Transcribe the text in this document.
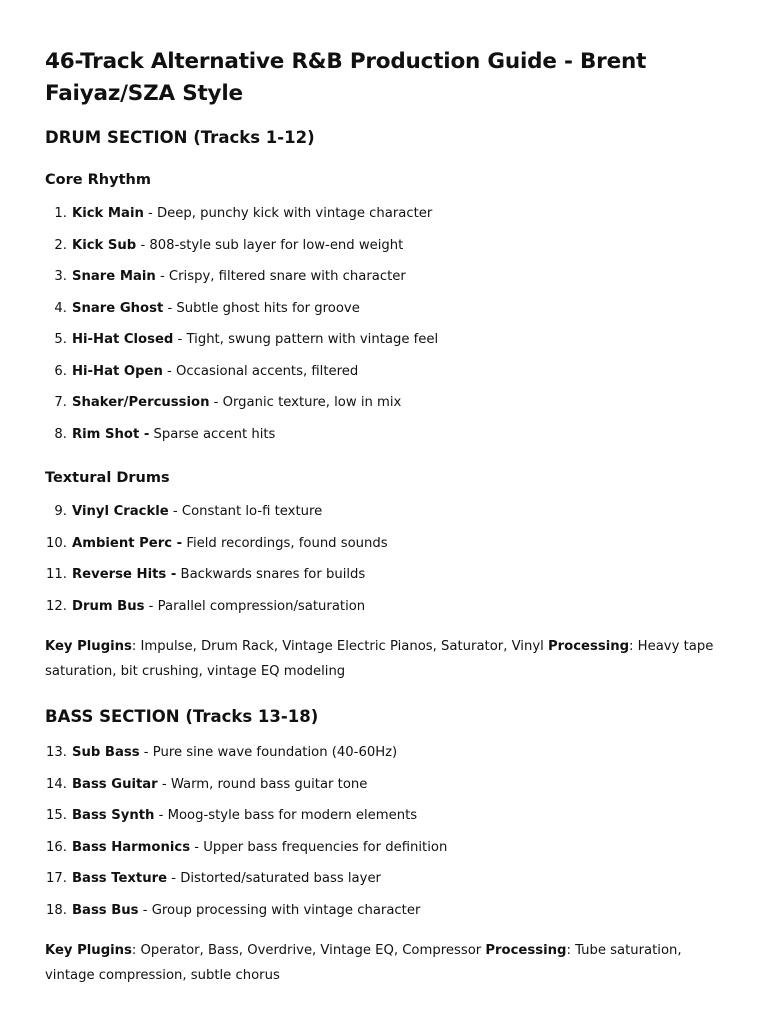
46-Track Alternative R&B Production Guide - Brent Faiyaz/SZA Style
DRUM SECTION (Tracks 1-12)
Core Rhythm
1. Kick Main - Deep, punchy kick with vintage character
2. Kick Sub - 808-style sub layer for low-end weight
3. Snare Main - Crispy, filtered snare with character
4. Snare Ghost - Subtle ghost hits for groove
5. Hi-Hat Closed - Tight, swung pattern with vintage feel
6. Hi-Hat Open - Occasional accents, filtered
7. Shaker/Percussion - Organic texture, low in mix
8. Rim Shot - Sparse accent hits
Textural Drums
9. Vinyl Crackle - Constant lo-fi texture
10. Ambient Perc - Field recordings, found sounds
11. Reverse Hits - Backwards snares for builds
12. Drum Bus - Parallel compression/saturation

Key Plugins: Impulse, Drum Rack, Vintage Electric Pianos, Saturator, Vinyl Processing: Heavy tape saturation, bit crushing, vintage EQ modeling

BASS SECTION (Tracks 13-18)
13. Sub Bass - Pure sine wave foundation (40-60Hz)
14. Bass Guitar - Warm, round bass guitar tone
15. Bass Synth - Moog-style bass for modern elements
16. Bass Harmonics - Upper bass frequencies for definition
17. Bass Texture - Distorted/saturated bass layer
18. Bass Bus - Group processing with vintage character

Key Plugins: Operator, Bass, Overdrive, Vintage EQ, Compressor Processing: Tube saturation, vintage compression, subtle chorus
